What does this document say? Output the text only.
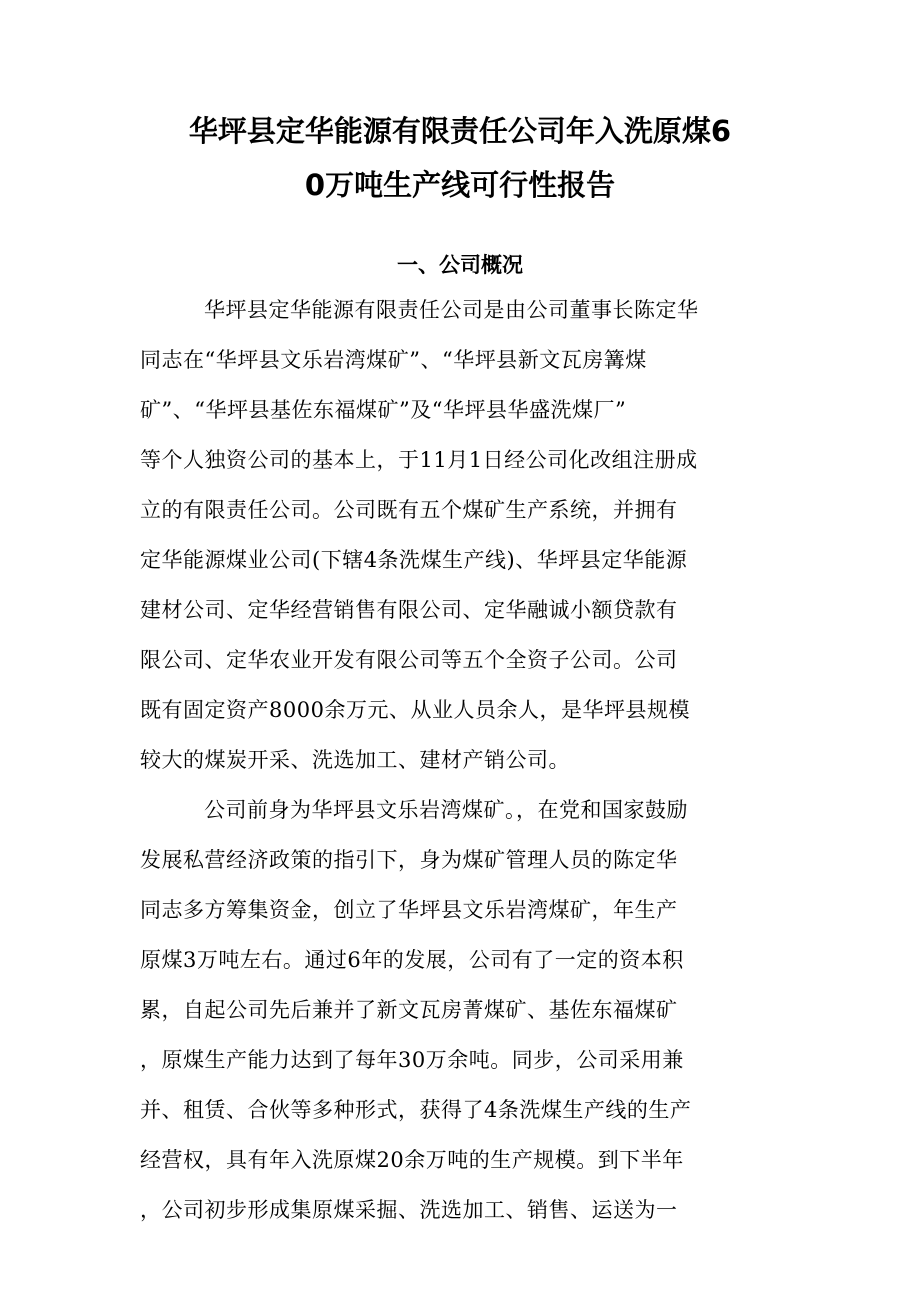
华坪县定华能源有限责任公司年入洗原煤6
0万吨生产线可行性报告
一、公司概况
华坪县定华能源有限责任公司是由公司董事长陈定华
同志在“华坪县文乐岩湾煤矿”、“华坪县新文瓦房篝煤
矿”、“华坪县基佐东福煤矿”及“华坪县华盛洗煤厂”
等个人独资公司的基本上，于11月1日经公司化改组注册成
立的有限责任公司。公司既有五个煤矿生产系统，并拥有
定华能源煤业公司(下辖4条洗煤生产线)、华坪县定华能源
建材公司、定华经营销售有限公司、定华融诚小额贷款有
限公司、定华农业开发有限公司等五个全资子公司。公司
既有固定资产8000余万元、从业人员余人，是华坪县规模
较大的煤炭开采、洗选加工、建材产销公司。
公司前身为华坪县文乐岩湾煤矿。，在党和国家鼓励
发展私营经济政策的指引下，身为煤矿管理人员的陈定华
同志多方筹集资金，创立了华坪县文乐岩湾煤矿，年生产
原煤3万吨左右。通过6年的发展，公司有了一定的资本积
累，自起公司先后兼并了新文瓦房菁煤矿、基佐东福煤矿
，原煤生产能力达到了每年30万余吨。同步，公司采用兼
并、租赁、合伙等多种形式，获得了4条洗煤生产线的生产
经营权，具有年入洗原煤20余万吨的生产规模。到下半年
，公司初步形成集原煤采掘、洗选加工、销售、运送为一
